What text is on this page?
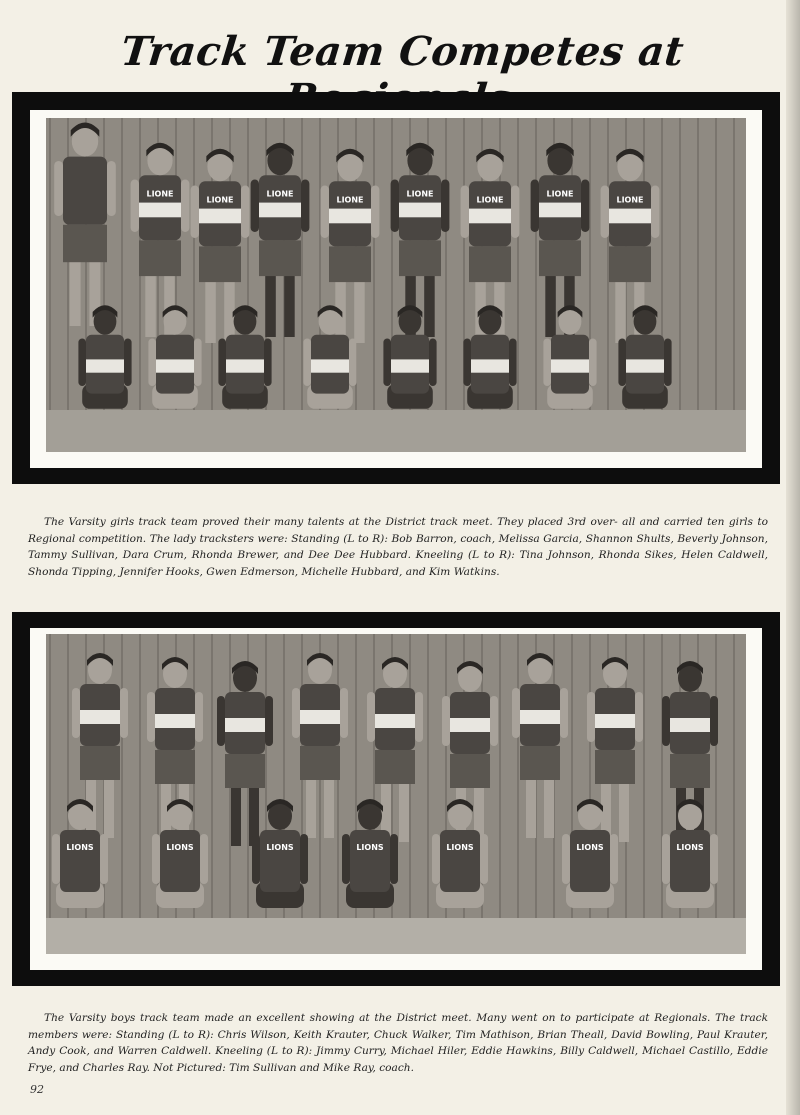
Track Team Competes at
LIONE
LIONE
LIONE
LIONE
LIONE
LIONE
LIONE
LIONE
The Varsity girls track team proved their many talents at the District track meet. They placed 3rd over- all and carried ten girls to Regional competition. The lady tracksters were: Standing (L to R): Bob Barron, coach, Melissa Garcia, Shannon Shults, Beverly Johnson, Tammy Sullivan, Dara Crum, Rhonda Brewer, and Dee Dee Hubbard. Kneeling (L to R): Tina Johnson, Rhonda Sikes, Helen Caldwell, Shonda Tipping, Jennifer Hooks, Gwen Edmerson, Michelle Hubbard, and Kim Watkins.
LIONS	LIONS	LIONS	LIONS	LIONS	LIONS	LIONS
The Varsity boys track team made an excellent showing at the District meet. Many went on to participate at Regionals. The track members were: Standing (L to R): Chris Wilson, Keith Krauter, Chuck Walker, Tim Mathison, Brian Theall, David Bowling, Paul Krauter, Andy Cook, and Warren Caldwell. Kneeling (L to R): Jimmy Curry, Michael Hiler, Eddie Hawkins, Billy Caldwell, Michael Castillo, Eddie Frye, and Charles Ray. Not Pictured: Tim Sullivan and Mike Ray, coach.
92
